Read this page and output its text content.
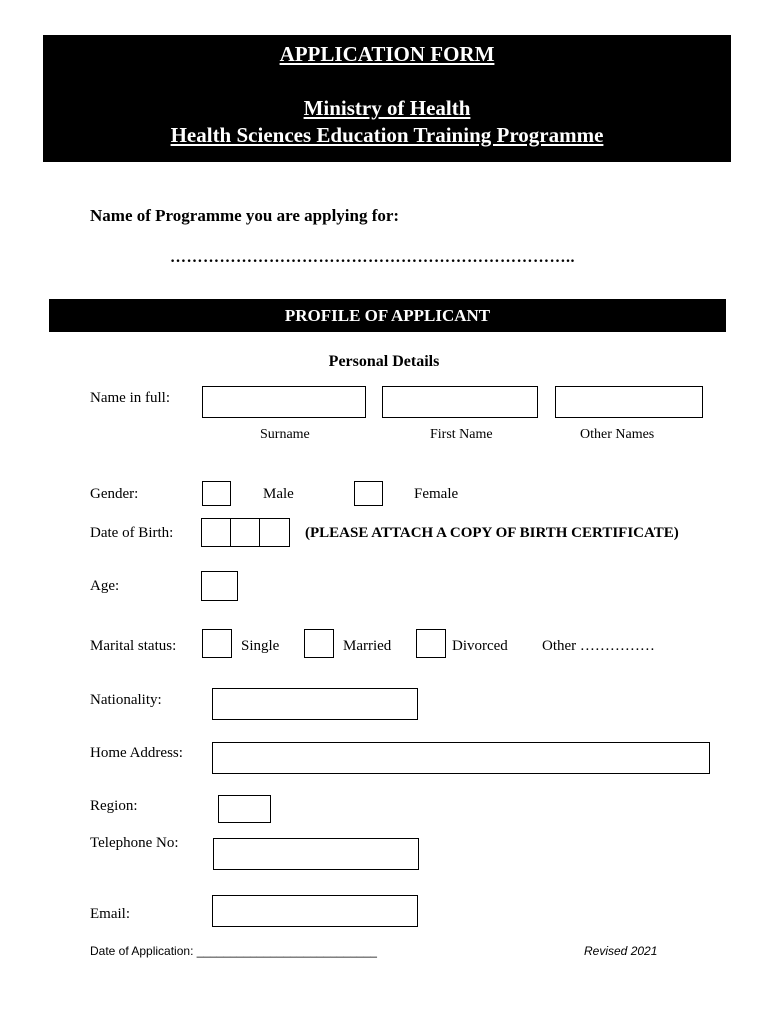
APPLICATION FORM
Ministry of Health
Health Sciences Education Training Programme
Name of Programme you are applying for:
………………………………………………………………..
PROFILE OF APPLICANT
Personal Details
Name in full:
Surname	First Name	Other Names
Gender:	Male	Female
Date of Birth:	(PLEASE ATTACH A COPY OF BIRTH CERTIFICATE)
Age:
Marital status:	Single	Married	Divorced Other ……………
Nationality:
Home Address:
Region:
Telephone No:
Email:
Date of Application: ___________________________	Revised 2021
